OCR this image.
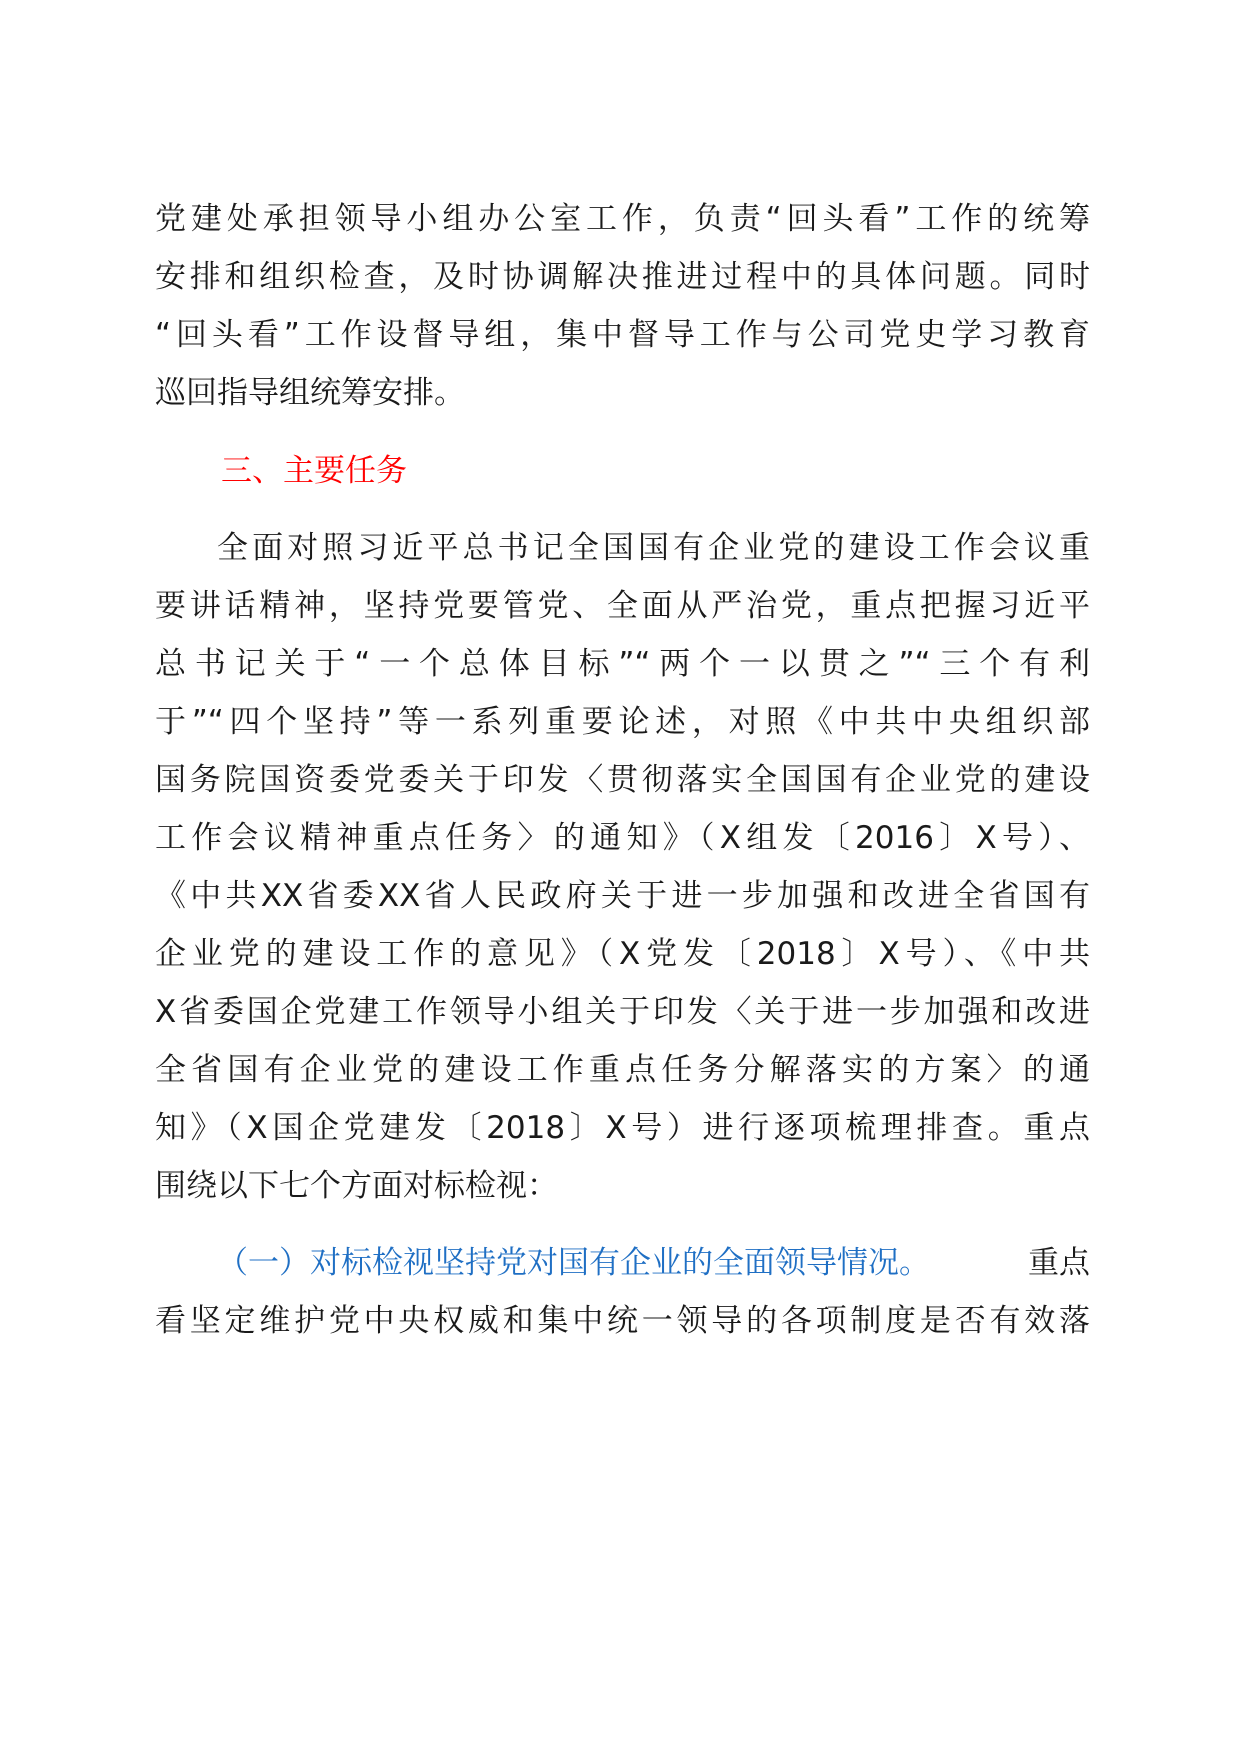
党建处承担领导小组办公室工作，负责“回头看”工作的统筹
安排和组织检查，及时协调解决推进过程中的具体问题。同时
“回头看”工作设督导组，集中督导工作与公司党史学习教育
巡回指导组统筹安排。
三、主要任务
全面对照习近平总书记全国国有企业党的建设工作会议重
要讲话精神，坚持党要管党、全面从严治党，重点把握习近平
总书记关于“一个总体目标”“两个一以贯之”“三个有利
于”“四个坚持”等一系列重要论述，对照《中共中央组织部
国务院国资委党委关于印发〈贯彻落实全国国有企业党的建设
工作会议精神重点任务〉的通知》（X组发〔2016〕X号）、
《中共XX省委XX省人民政府关于进一步加强和改进全省国有
企业党的建设工作的意见》（X党发〔2018〕X号）、《中共
X省委国企党建工作领导小组关于印发〈关于进一步加强和改进
全省国有企业党的建设工作重点任务分解落实的方案〉的通
知》（X国企党建发〔2018〕X号）进行逐项梳理排查。重点
围绕以下七个方面对标检视：
（一）对标检视坚持党对国有企业的全面领导情况。	重点
看坚定维护党中央权威和集中统一领导的各项制度是否有效落
